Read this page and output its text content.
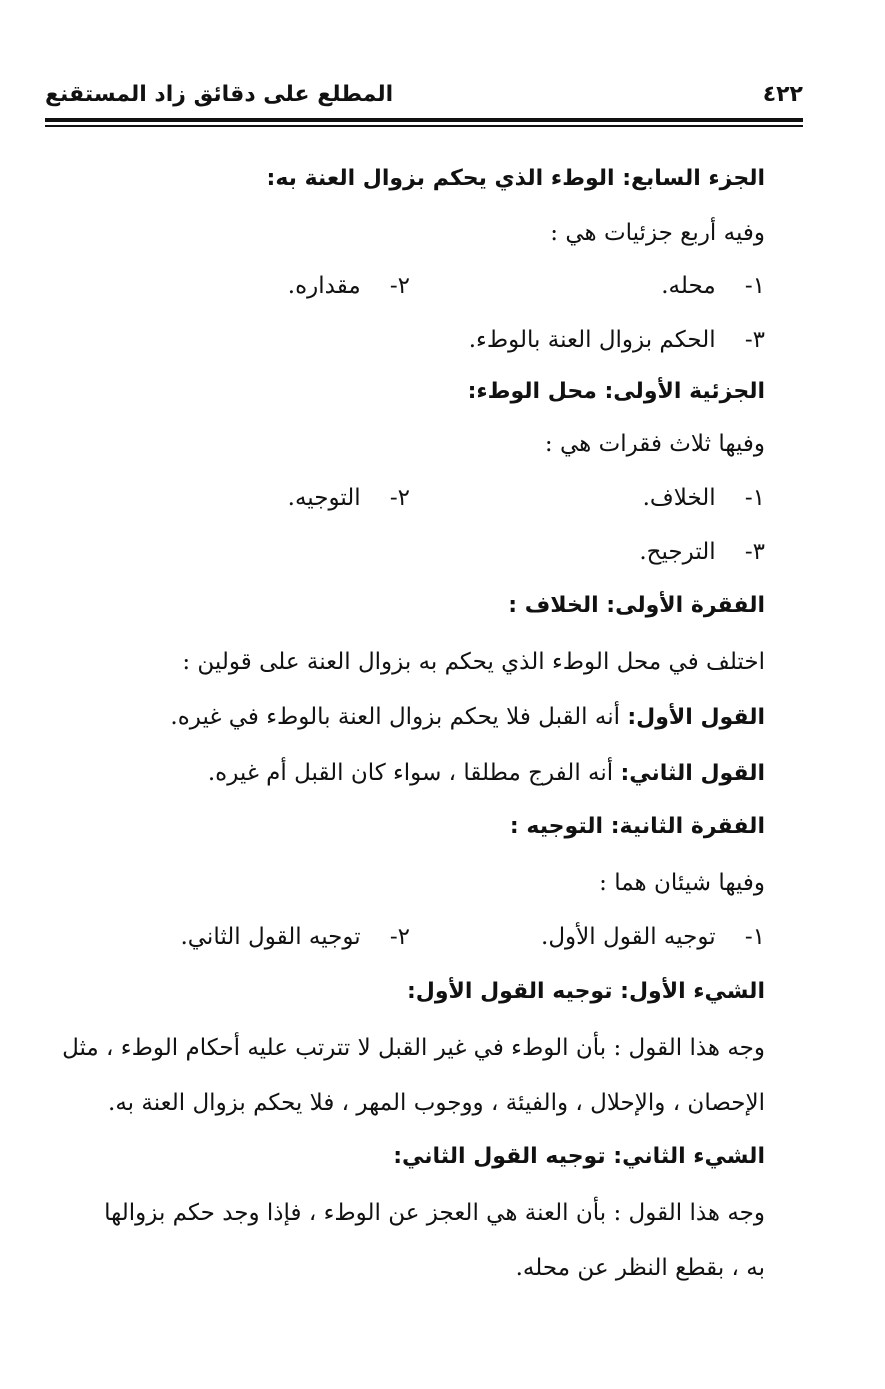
المطلع على دقائق زاد المستقنع	٤٢٢
الجزء السابع: الوطء الذي يحكم بزوال العنة به:
وفيه أربع جزئيات هي :
١- محله.
٢- مقداره.
٣- الحكم بزوال العنة بالوطء.
الجزئية الأولى: محل الوطء:
وفيها ثلاث فقرات هي :
١- الخلاف.
٢- التوجيه.
٣- الترجيح.
الفقرة الأولى: الخلاف :
اختلف في محل الوطء الذي يحكم به بزوال العنة على قولين :
القول الأول: أنه القبل فلا يحكم بزوال العنة بالوطء في غيره.
القول الثاني: أنه الفرج مطلقا ، سواء كان القبل أم غيره.
الفقرة الثانية: التوجيه :
وفيها شيئان هما :
١- توجيه القول الأول.
٢- توجيه القول الثاني.
الشيء الأول: توجيه القول الأول:
وجه هذا القول : بأن الوطء في غير القبل لا تترتب عليه أحكام الوطء ، مثل
الإحصان ، والإحلال ، والفيئة ، ووجوب المهر ، فلا يحكم بزوال العنة به.
الشيء الثاني: توجيه القول الثاني:
وجه هذا القول : بأن العنة هي العجز عن الوطء ، فإذا وجد حكم بزوالها
به ، بقطع النظر عن محله.
